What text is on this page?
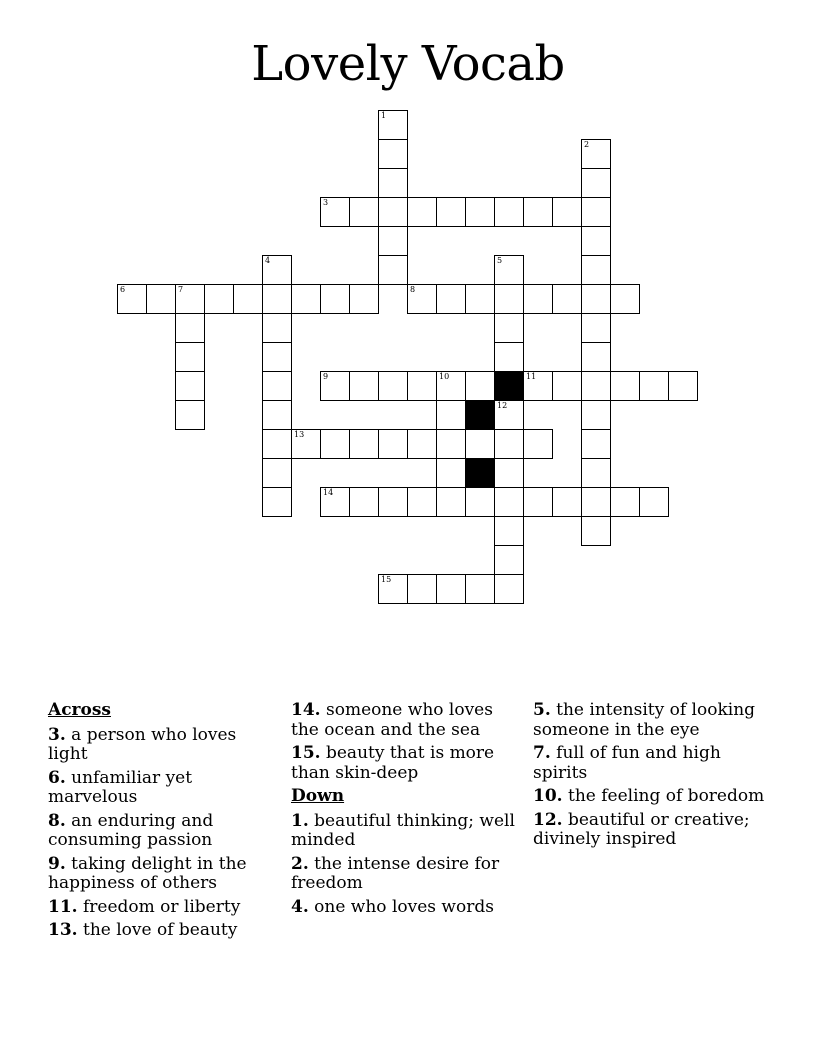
Lovely Vocab
1
2
3
4	5
6	7	8
9	10	11
12
13
14
15
Across
3. a person who loves light
6. unfamiliar yet marvelous
8. an enduring and consuming passion
9. taking delight in the happiness of others
11. freedom or liberty
13. the love of beauty
14. someone who loves the ocean and the sea
15. beauty that is more than skin-deep
Down
1. beautiful thinking; well minded
2. the intense desire for freedom
4. one who loves words
5. the intensity of looking someone in the eye
7. full of fun and high spirits
10. the feeling of boredom
12. beautiful or creative; divinely inspired
